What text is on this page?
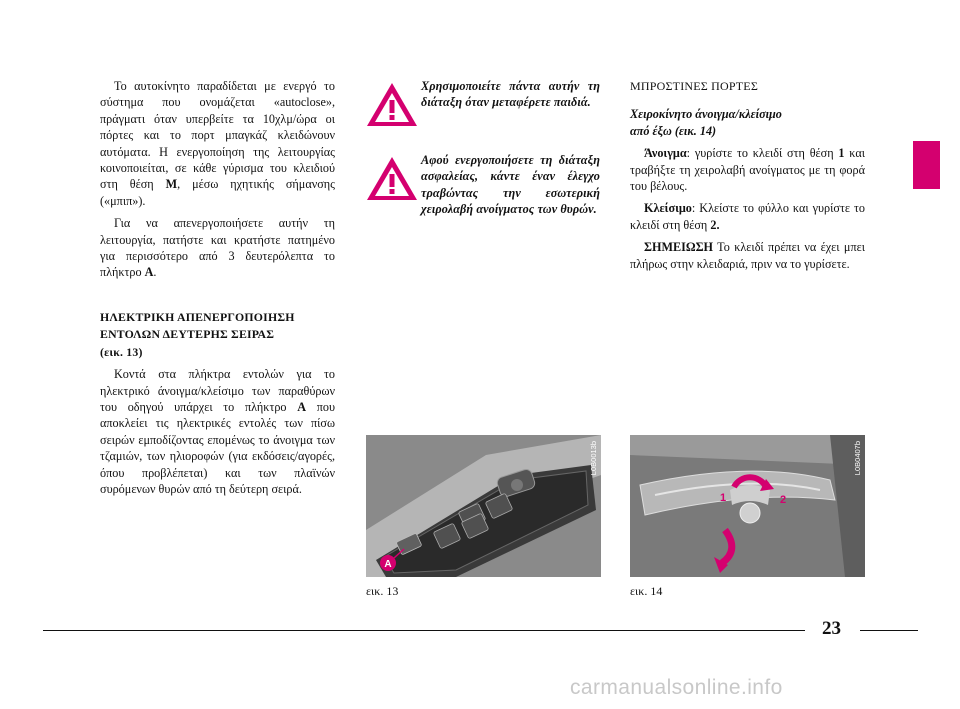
Το αυτοκίνητο παραδίδεται με ενεργό το σύστημα που ονομάζεται «autoclose», πράγματι όταν υπερβείτε τα 10χλμ/ώρα οι πόρτες και το πορτ μπαγκάζ κλειδώνουν αυτόματα. Η ενεργοποίηση της λειτουργίας κοινοποιείται, σε κάθε γύρισμα του κλειδιού στη θέση M, μέσω ηχητικής σήμανσης («μπιπ»).

Για να απενεργοποιήσετε αυτήν τη λειτουργία, πατήστε και κρατήστε πατημένο για περισσότερο από 3 δευτερόλεπτα το πλήκτρο A.

ΗΛΕΚΤΡΙΚΗ ΑΠΕΝΕΡΓΟΠΟΙΗΣΗ

ΕΝΤΟΛΩΝ ΔΕΥΤΕΡΗΣ ΣΕΙΡΑΣ

(εικ. 13)

Κοντά στα πλήκτρα εντολών για το ηλεκτρικό άνοιγμα/κλείσιμο των παραθύρων του οδηγού υπάρχει το πλήκτρο A που αποκλείει τις ηλεκτρικές εντολές των πίσω σειρών εμποδίζοντας επομένως το άνοιγμα των τζαμιών, των ηλιοροφών (για εκδόσεις/αγορές, όπου προβλέπεται) και των πλαϊνών συρόμενων θυρών από τη δεύτερη σειρά.

Χρησιμοποιείτε πάντα αυτήν τη διάταξη όταν μεταφέρετε παιδιά.

Αφού ενεργοποιήσετε τη διάταξη ασφαλείας, κάντε έναν έλεγχο τραβώντας την εσωτερική χειρολαβή ανοίγματος των θυρών.

ΜΠΡΟΣΤΙΝΕΣ ΠΟΡΤΕΣ

Χειροκίνητο άνοιγμα/κλείσιμο

από έξω (εικ. 14)

Άνοιγμα: γυρίστε το κλειδί στη θέση 1 και τραβήξτε τη χειρολαβή ανοίγματος με τη φορά του βέλους.

Κλείσιμο: Κλείστε το φύλλο και γυρίστε το κλειδί στη θέση 2.

ΣΗΜΕΙΩΣΗ Το κλειδί πρέπει να έχει μπει πλήρως στην κλειδαριά, πριν να το γυρίσετε.

A
L0B0013b
εικ. 13
1	2
L0B0407b
εικ. 14
23
carmanualsonline.info
